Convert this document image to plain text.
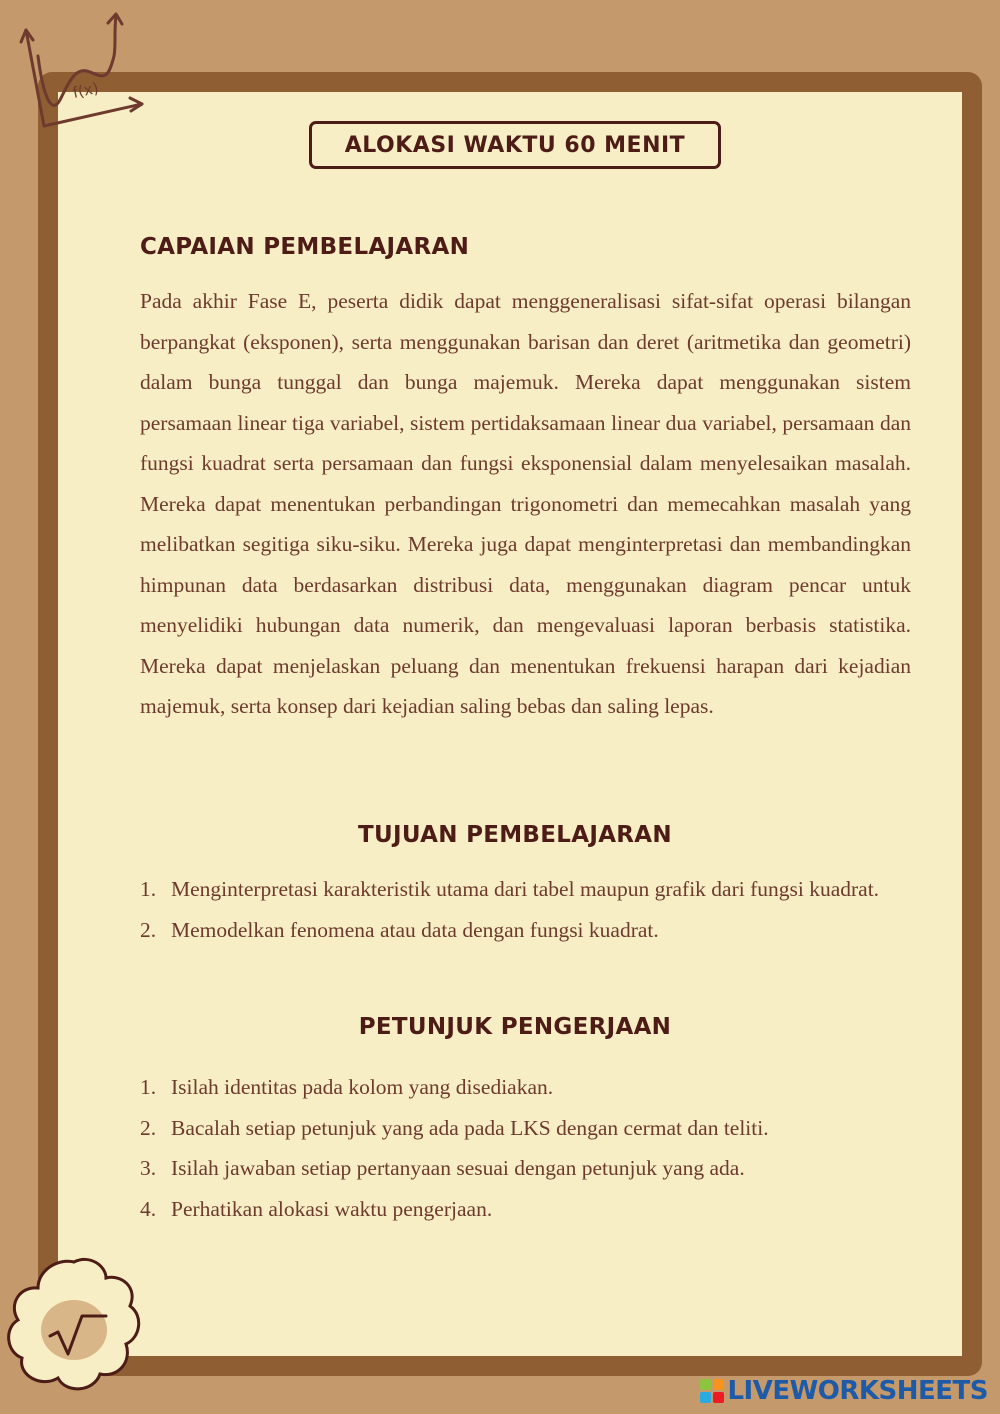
f(x)
ALOKASI WAKTU 60 MENIT
CAPAIAN PEMBELAJARAN

Pada akhir Fase E, peserta didik dapat menggeneralisasi sifat-sifat operasi bilangan berpangkat (eksponen), serta menggunakan barisan dan deret (aritmetika dan geometri) dalam bunga tunggal dan bunga majemuk. Mereka dapat menggunakan sistem persamaan linear tiga variabel, sistem pertidaksamaan linear dua variabel, persamaan dan fungsi kuadrat serta persamaan dan fungsi eksponensial dalam menyelesaikan masalah. Mereka dapat menentukan perbandingan trigonometri dan memecahkan masalah yang melibatkan segitiga siku-siku. Mereka juga dapat menginterpretasi dan membandingkan himpunan data berdasarkan distribusi data, menggunakan diagram pencar untuk menyelidiki hubungan data numerik, dan mengevaluasi laporan berbasis statistika. Mereka dapat menjelaskan peluang dan menentukan frekuensi harapan dari kejadian majemuk, serta konsep dari kejadian saling bebas dan saling lepas.

TUJUAN PEMBELAJARAN
1. Menginterpretasi karakteristik utama dari tabel maupun grafik dari fungsi kuadrat.
2. Memodelkan fenomena atau data dengan fungsi kuadrat.
PETUNJUK PENGERJAAN
1. Isilah identitas pada kolom yang disediakan.
2. Bacalah setiap petunjuk yang ada pada LKS dengan cermat dan teliti.
3. Isilah jawaban setiap pertanyaan sesuai dengan petunjuk yang ada.
4. Perhatikan alokasi waktu pengerjaan.
LIVEWORKSHEETS
